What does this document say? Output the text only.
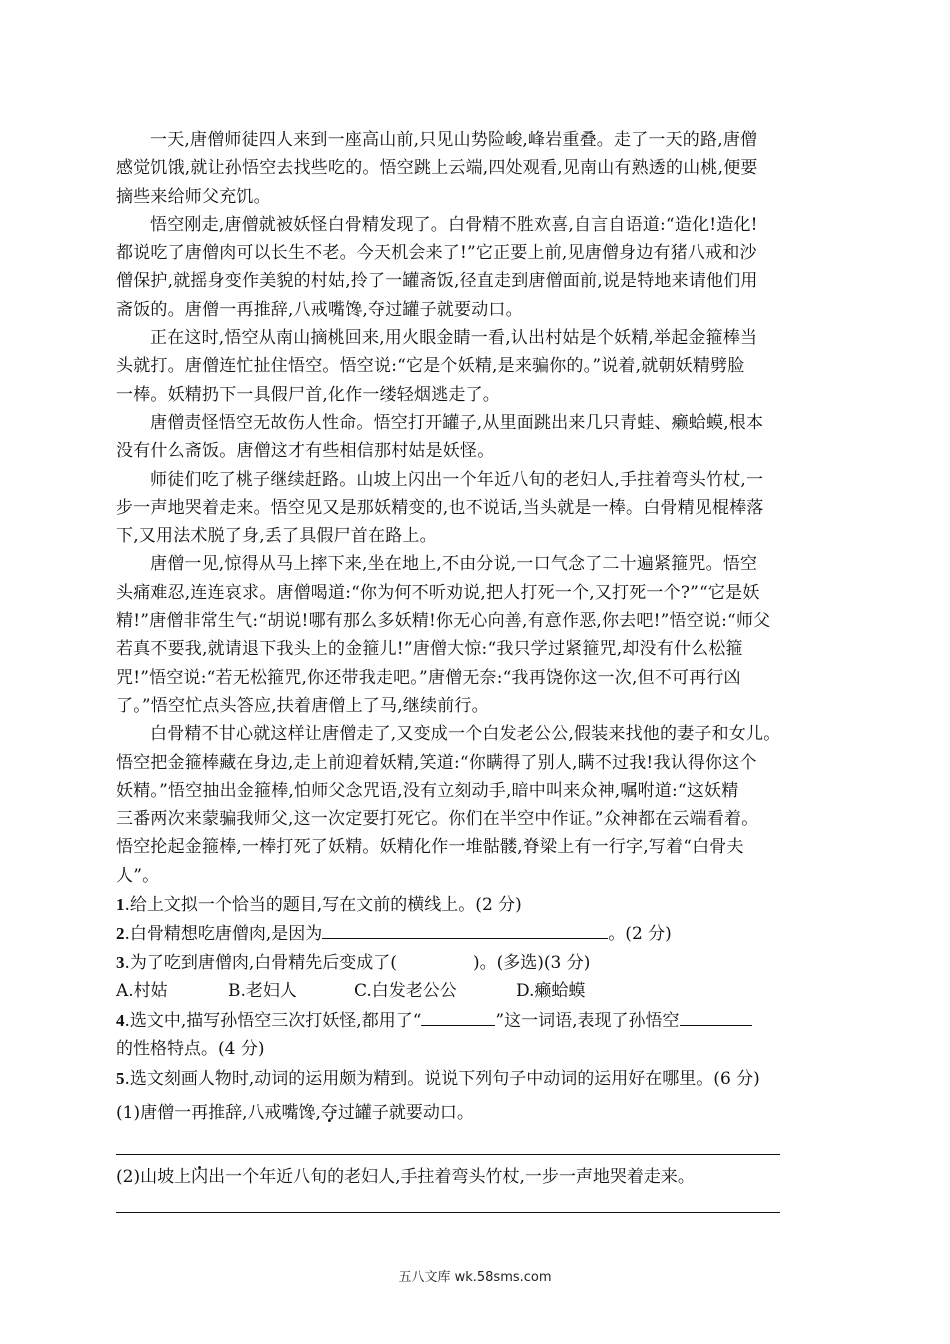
一天,唐僧师徒四人来到一座高山前,只见山势险峻,峰岩重叠。走了一天的路,唐僧
感觉饥饿,就让孙悟空去找些吃的。悟空跳上云端,四处观看,见南山有熟透的山桃,便要
摘些来给师父充饥。
悟空刚走,唐僧就被妖怪白骨精发现了。白骨精不胜欢喜,自言自语道:“造化!造化!
都说吃了唐僧肉可以长生不老。今天机会来了!”它正要上前,见唐僧身边有猪八戒和沙
僧保护,就摇身变作美貌的村姑,拎了一罐斋饭,径直走到唐僧面前,说是特地来请他们用
斋饭的。唐僧一再推辞,八戒嘴馋,夺过罐子就要动口。
正在这时,悟空从南山摘桃回来,用火眼金睛一看,认出村姑是个妖精,举起金箍棒当
头就打。唐僧连忙扯住悟空。悟空说:“它是个妖精,是来骗你的。”说着,就朝妖精劈脸
一棒。妖精扔下一具假尸首,化作一缕轻烟逃走了。
唐僧责怪悟空无故伤人性命。悟空打开罐子,从里面跳出来几只青蛙、癞蛤蟆,根本
没有什么斋饭。唐僧这才有些相信那村姑是妖怪。
师徒们吃了桃子继续赶路。山坡上闪出一个年近八旬的老妇人,手拄着弯头竹杖,一
步一声地哭着走来。悟空见又是那妖精变的,也不说话,当头就是一棒。白骨精见棍棒落
下,又用法术脱了身,丢了具假尸首在路上。
唐僧一见,惊得从马上摔下来,坐在地上,不由分说,一口气念了二十遍紧箍咒。悟空
头痛难忍,连连哀求。唐僧喝道:“你为何不听劝说,把人打死一个,又打死一个?”“它是妖
精!”唐僧非常生气:“胡说!哪有那么多妖精!你无心向善,有意作恶,你去吧!”悟空说:“师父
若真不要我,就请退下我头上的金箍儿!”唐僧大惊:“我只学过紧箍咒,却没有什么松箍
咒!”悟空说:“若无松箍咒,你还带我走吧。”唐僧无奈:“我再饶你这一次,但不可再行凶
了。”悟空忙点头答应,扶着唐僧上了马,继续前行。
白骨精不甘心就这样让唐僧走了,又变成一个白发老公公,假装来找他的妻子和女儿。
悟空把金箍棒藏在身边,走上前迎着妖精,笑道:“你瞒得了别人,瞒不过我!我认得你这个
妖精。”悟空抽出金箍棒,怕师父念咒语,没有立刻动手,暗中叫来众神,嘱咐道:“这妖精
三番两次来蒙骗我师父,这一次定要打死它。你们在半空中作证。”众神都在云端看着。
悟空抡起金箍棒,一棒打死了妖精。妖精化作一堆骷髅,脊梁上有一行字,写着“白骨夫
人”。
1.给上文拟一个恰当的题目,写在文前的横线上。(2 分)
2.白骨精想吃唐僧肉,是因为	。(2 分)
3.为了吃到唐僧肉,白骨精先后变成了(	)。(多选)(3 分)
A.村姑	B.老妇人	C.白发老公公	D.癞蛤蟆
4.选文中,描写孙悟空三次打妖怪,都用了“	”这一词语,表现了孙悟空
的性格特点。(4 分)
5.选文刻画人物时,动词的运用颇为精到。说说下列句子中动词的运用好在哪里。(6 分)
(1)唐僧一再推辞,八戒嘴馋,夺过罐子就要动口。
(2)山坡上闪出一个年近八旬的老妇人,手拄着弯头竹杖,一步一声地哭着走来。
五八文库 wk.58sms.com
